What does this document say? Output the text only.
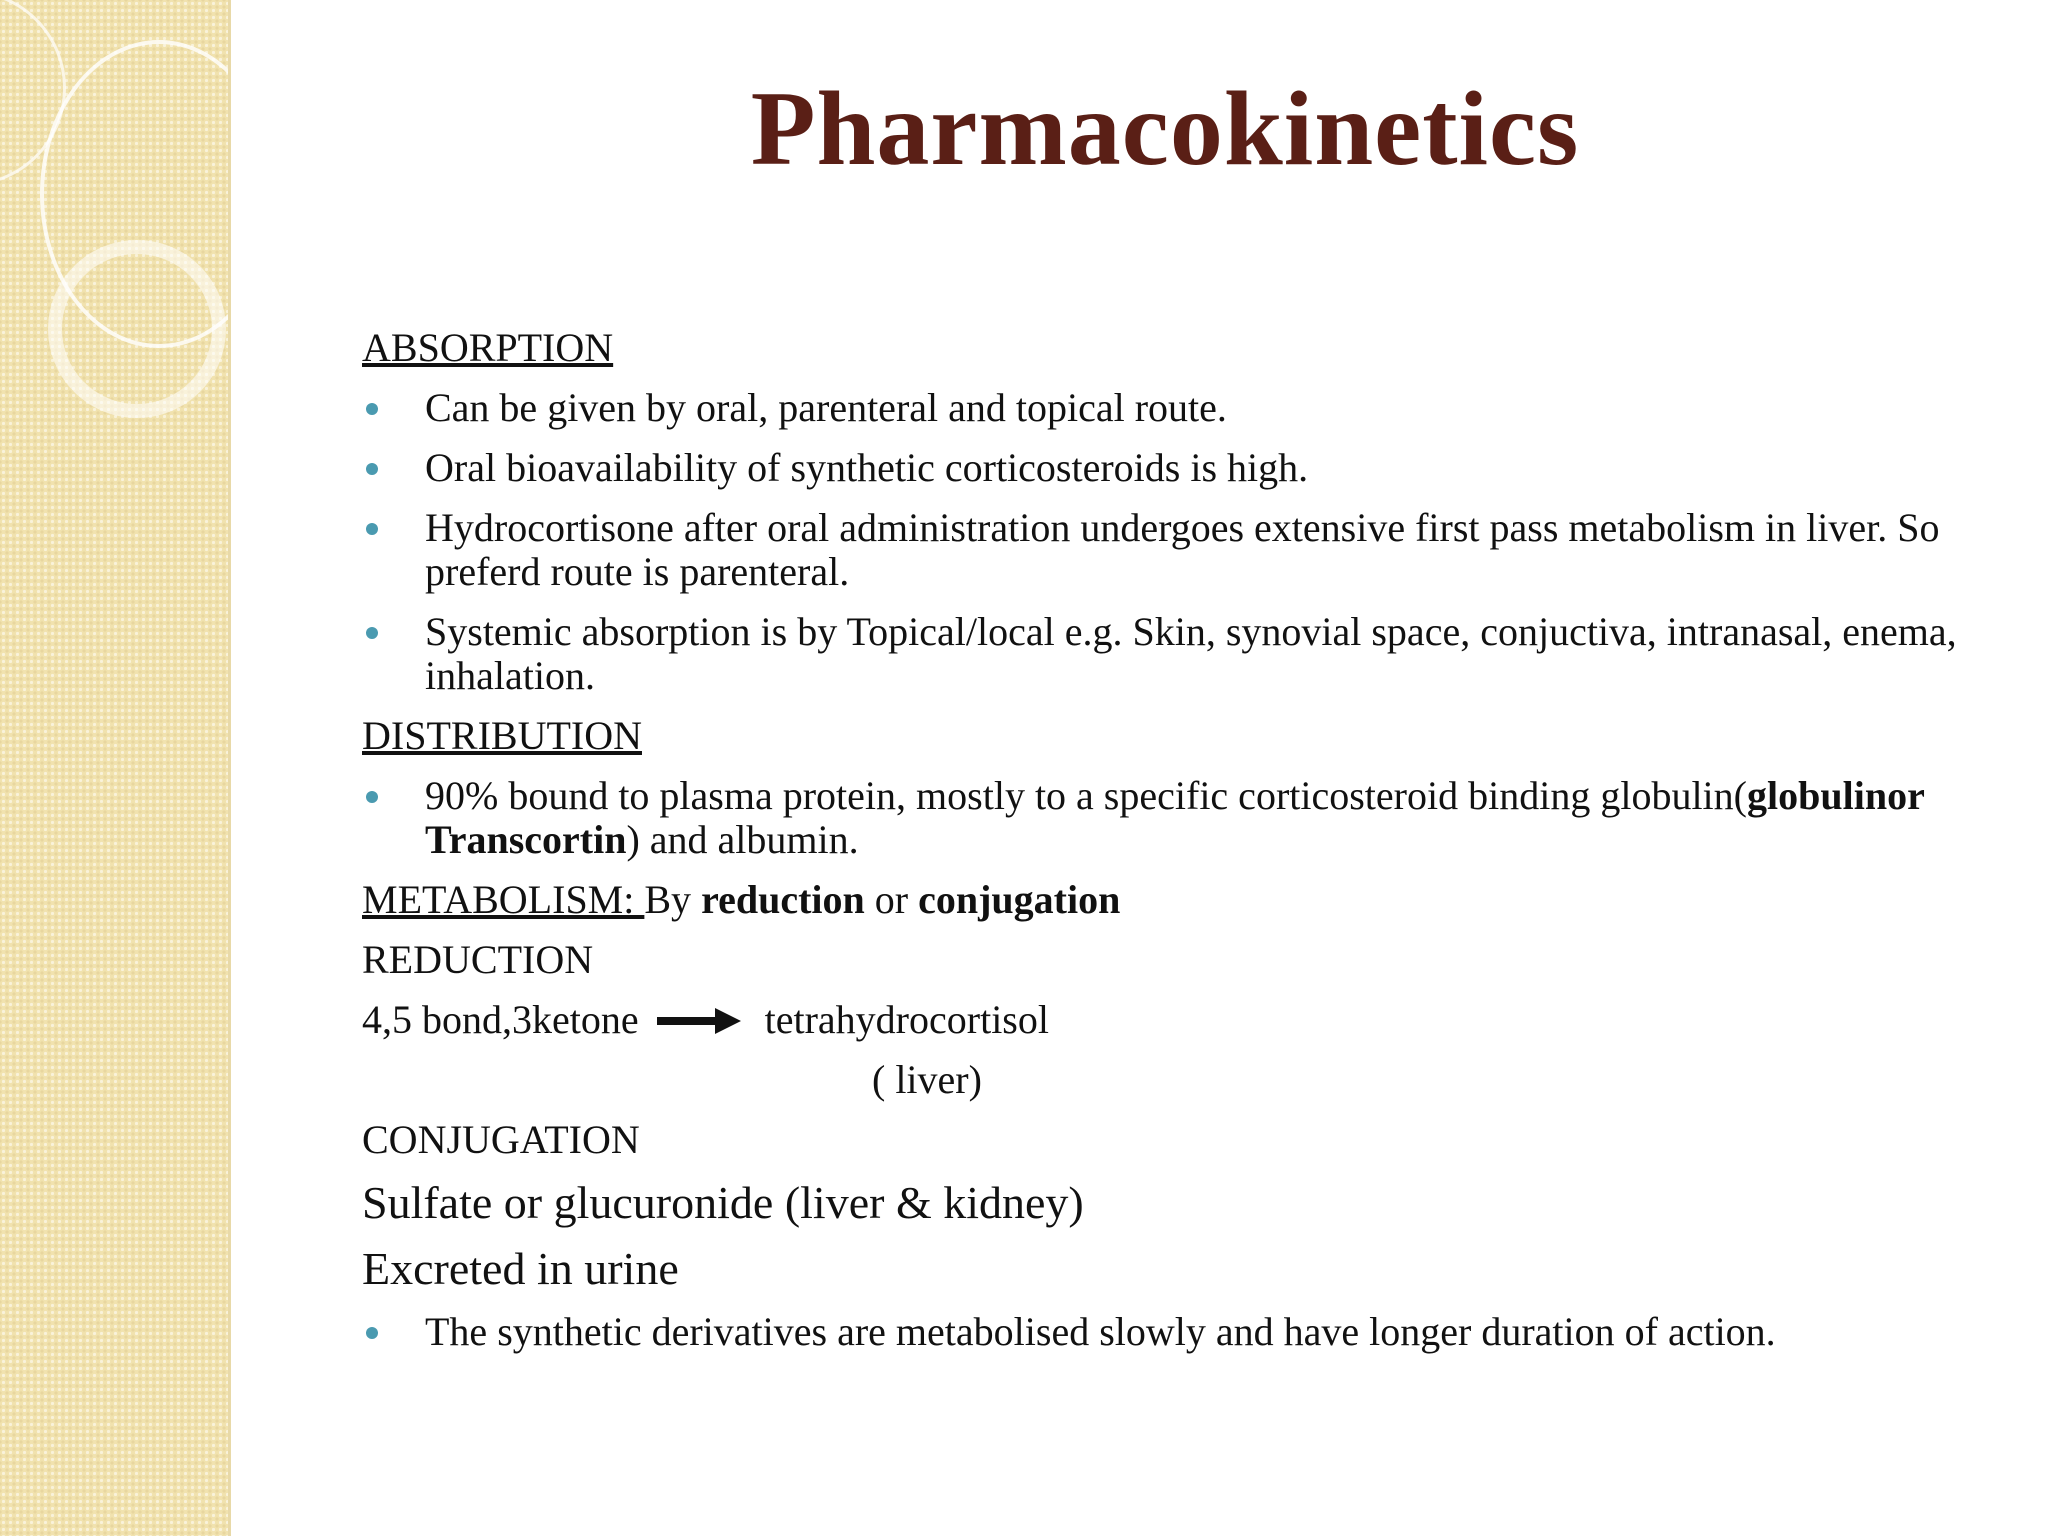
Pharmacokinetics
ABSORPTION
Can be given by oral, parenteral and topical route.
Oral bioavailability of synthetic corticosteroids is high.
Hydrocortisone after oral administration undergoes extensive first pass metabolism in liver. So preferd route is parenteral.
Systemic absorption is by Topical/local e.g. Skin, synovial space, conjuctiva, intranasal, enema, inhalation.
DISTRIBUTION
90% bound to plasma protein, mostly to a specific corticosteroid binding globulin(globulinor Transcortin) and albumin.
METABOLISM: By reduction or conjugation
REDUCTION
4,5 bond,3ketone	tetrahydrocortisol
( liver)
CONJUGATION
Sulfate or glucuronide (liver & kidney)
Excreted in urine
The synthetic derivatives are metabolised slowly and have longer duration of action.
